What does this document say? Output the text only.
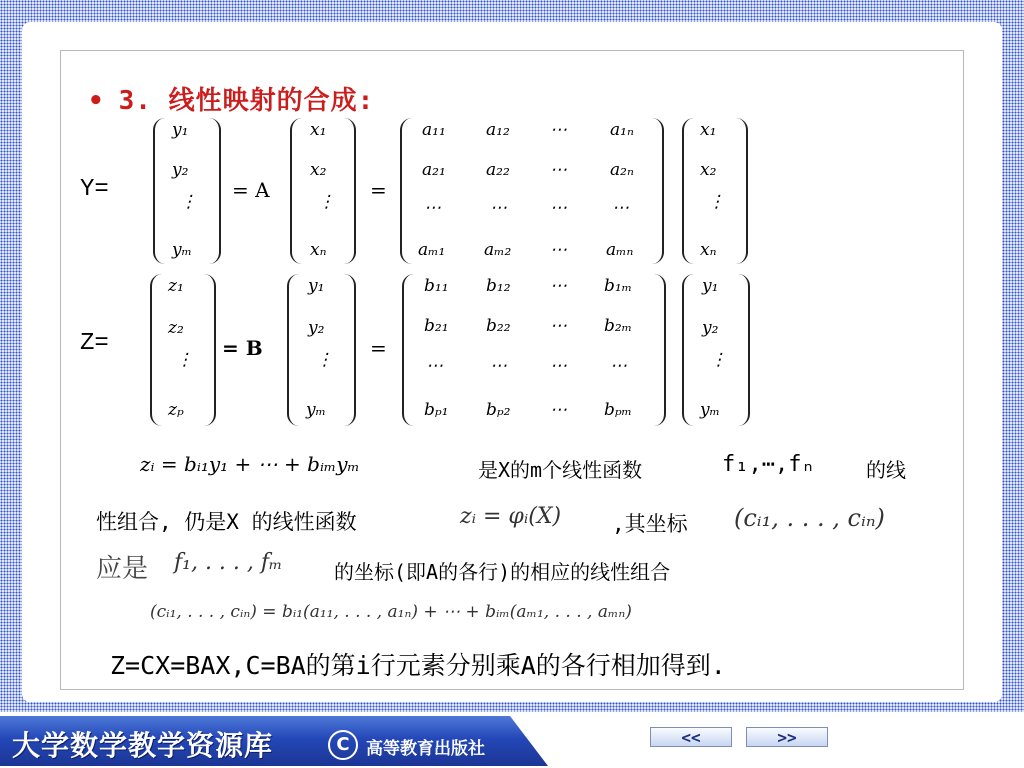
• 3. 线性映射的合成:
Y=
y₁
y₂
⋮
yₘ
= A
x₁
x₂
⋮
xₙ
=
a₁₁ a₁₂ ⋯	a₁ₙ
a₂₁ a₂₂ ⋯	a₂ₙ
⋯	⋯	⋯	⋯
aₘ₁ aₘ₂ ⋯ aₘₙ
x₁
x₂
⋮
xₙ
Z=
z₁
z₂
⋮
zₚ
= B
y₁
y₂
⋮
yₘ
=
b₁₁ b₁₂ ⋯ b₁ₘ
b₂₁ b₂₂ ⋯ b₂ₘ
⋯	⋯	⋯	⋯
bₚ₁ bₚ₂ ⋯ bₚₘ
y₁
y₂
⋮
yₘ
zᵢ = bᵢ₁y₁ + ⋯ + bᵢₘyₘ	是X的m个线性函数	f₁,⋯,fₙ	的线
性组合, 仍是X 的线性函数	zᵢ = φᵢ(X) ,其坐标 (cᵢ₁, . . . , cᵢₙ)
应是 f₁, . . . , fₘ	的坐标(即A的各行)的相应的线性组合
(cᵢ₁, . . . , cᵢₙ) = bᵢ₁(a₁₁, . . . , a₁ₙ) + ⋯ + bᵢₘ(aₘ₁, . . . , aₘₙ)
Z=CX=BAX,C=BA的第i行元素分别乘A的各行相加得到.
大学数学教学资源库	C 高等教育出版社
<<	>>
